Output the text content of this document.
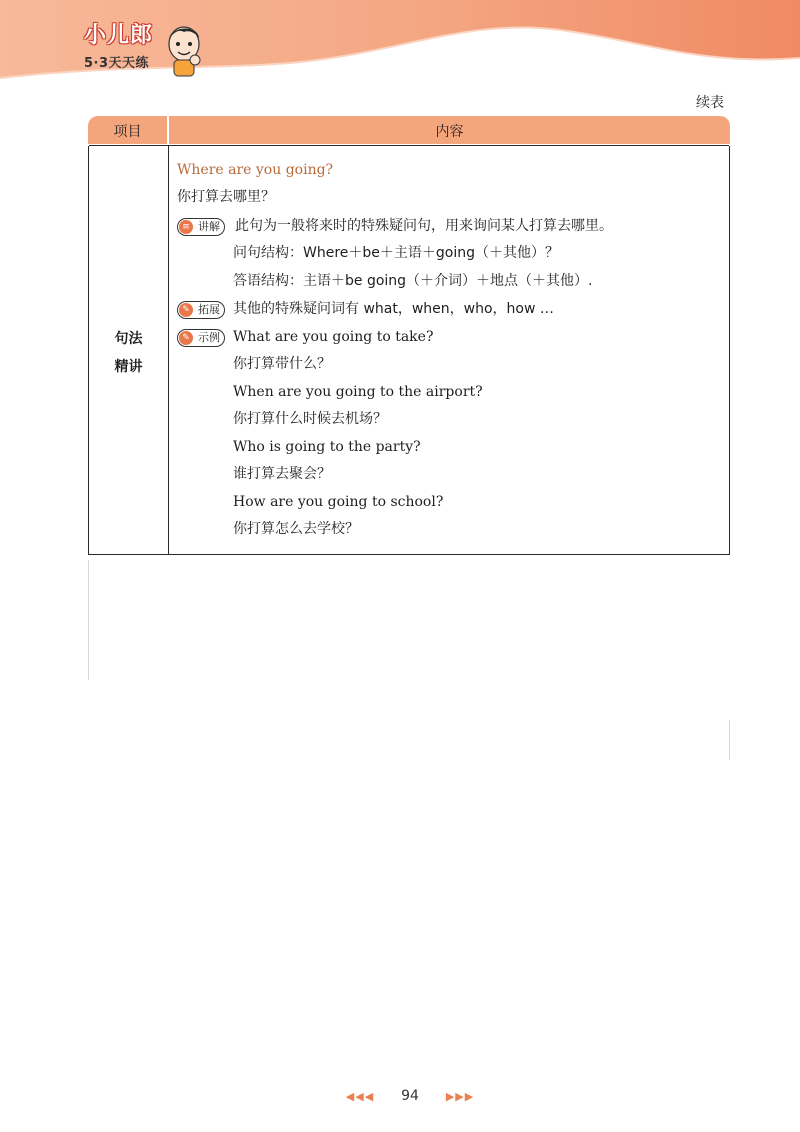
小儿郎
5·3天天练
续表
项目	内容
句法
精讲
Where are you going?
你打算去哪里？
≡ 讲解	此句为一般将来时的特殊疑问句，用来询问某人打算去哪里。
问句结构：Where＋be＋主语＋going（＋其他）？
答语结构：主语＋be going（＋介词）＋地点（＋其他）.
✎ 拓展 其他的特殊疑问词有 what，when，who，how …
✎ 示例 What are you going to take?
你打算带什么？
When are you going to the airport?
你打算什么时候去机场？
Who is going to the party?
谁打算去聚会？
How are you going to school?
你打算怎么去学校？
◀◀◀ 94 ▶▶▶
